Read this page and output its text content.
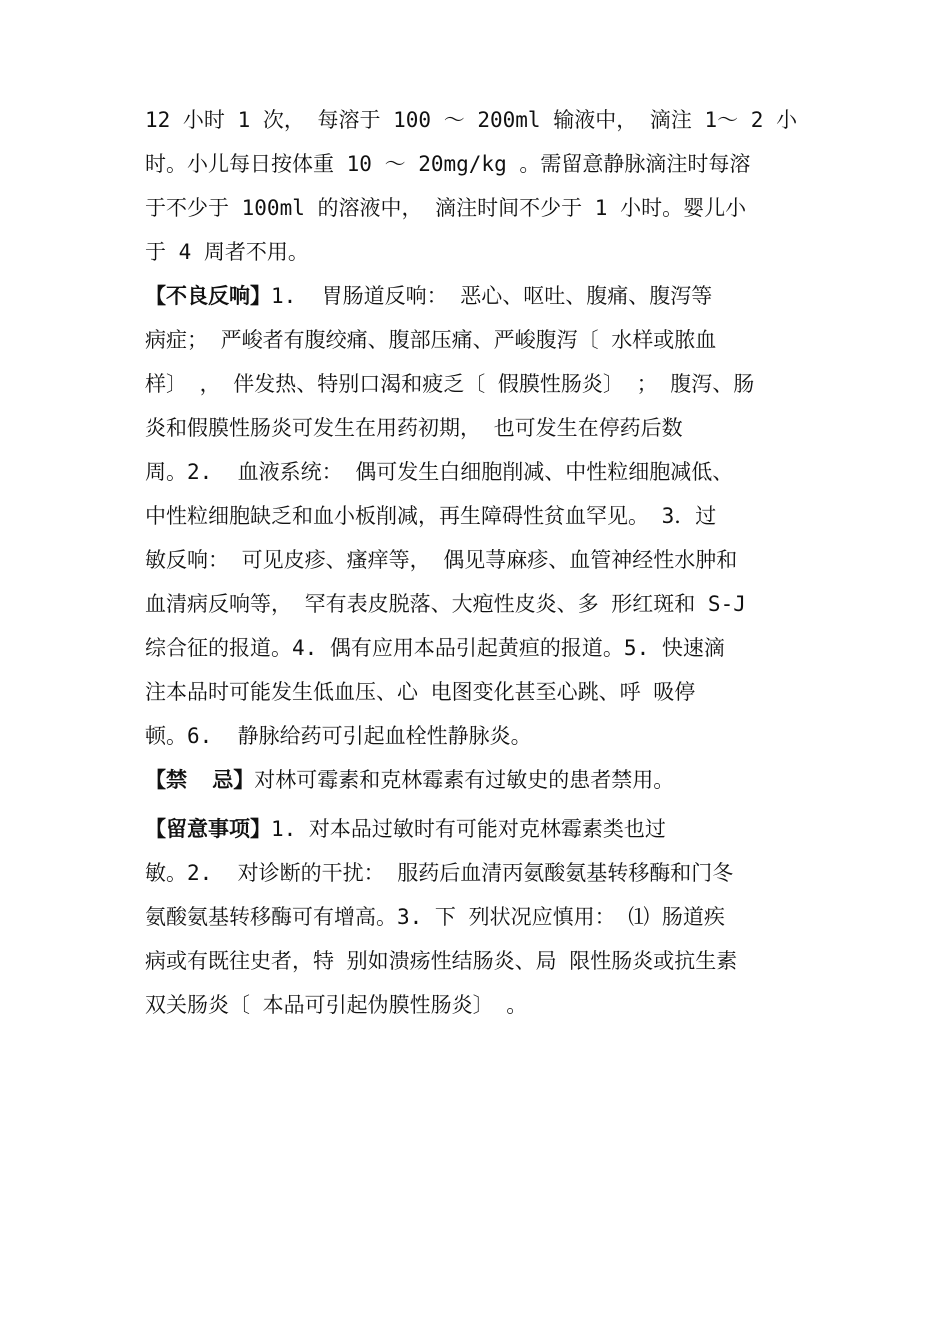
12 小时 1 次， 每溶于 100 ～ 200ml 输液中， 滴注 1～ 2 小
时。小儿每日按体重 10 ～ 20mg/kg 。需留意静脉滴注时每溶
于不少于 100ml 的溶液中， 滴注时间不少于 1 小时。婴儿小
于 4 周者不用。
【不良反响】1.  胃肠道反响： 恶心、呕吐、腹痛、腹泻等
病症； 严峻者有腹绞痛、腹部压痛、严峻腹泻〔 水样或脓血
样〕 ， 伴发热、特别口渴和疲乏〔 假膜性肠炎〕 ； 腹泻、肠
炎和假膜性肠炎可发生在用药初期， 也可发生在停药后数
周。2.  血液系统： 偶可发生白细胞削减、中性粒细胞减低、
中性粒细胞缺乏和血小板削减，再生障碍性贫血罕见。 3．过
敏反响： 可见皮疹、瘙痒等， 偶见荨麻疹、血管神经性水肿和
血清病反响等， 罕有表皮脱落、大疱性皮炎、多 形红斑和 S-J
综合征的报道。4. 偶有应用本品引起黄疸的报道。5. 快速滴
注本品时可能发生低血压、心 电图变化甚至心跳、呼 吸停
顿。6.  静脉给药可引起血栓性静脉炎。
【禁  忌】对林可霉素和克林霉素有过敏史的患者禁用。
【留意事项】1. 对本品过敏时有可能对克林霉素类也过
敏。2.  对诊断的干扰： 服药后血清丙氨酸氨基转移酶和门冬
氨酸氨基转移酶可有增高。3. 下 列状况应慎用： ⑴ 肠道疾
病或有既往史者，特 别如溃疡性结肠炎、局 限性肠炎或抗生素
双关肠炎〔 本品可引起伪膜性肠炎〕 。
